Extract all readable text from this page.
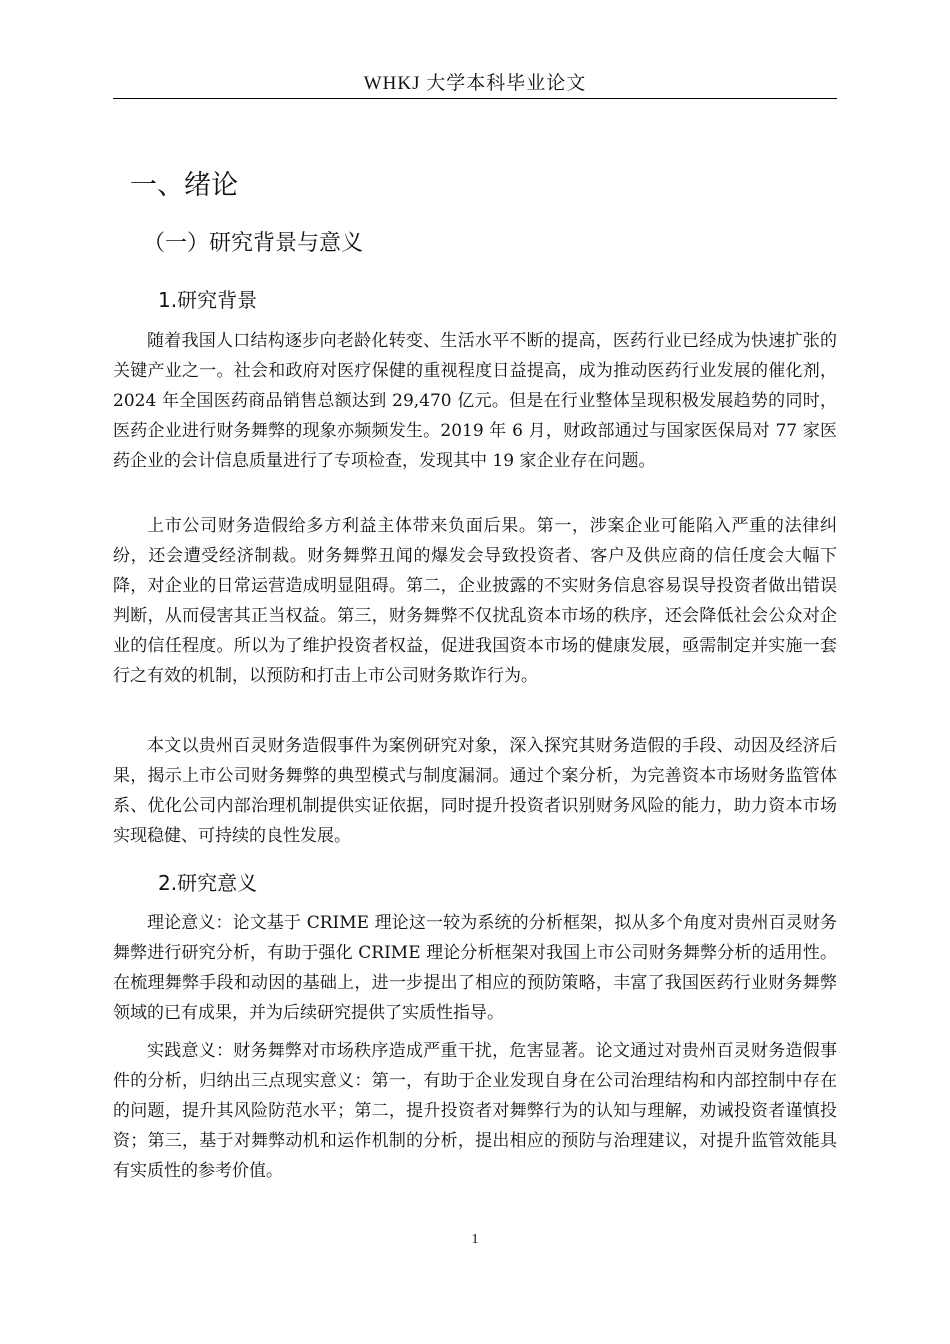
WHKJ 大学本科毕业论文
一、绪论
（一）研究背景与意义
1.研究背景

随着我国人口结构逐步向老龄化转变、生活水平不断的提高，医药行业已经成为快速扩张的关键产业之一。社会和政府对医疗保健的重视程度日益提高，成为推动医药行业发展的催化剂，2024 年全国医药商品销售总额达到 29,470 亿元。但是在行业整体呈现积极发展趋势的同时，医药企业进行财务舞弊的现象亦频频发生。2019 年 6 月，财政部通过与国家医保局对 77 家医药企业的会计信息质量进行了专项检查，发现其中 19 家企业存在问题。

上市公司财务造假给多方利益主体带来负面后果。第一，涉案企业可能陷入严重的法律纠纷，还会遭受经济制裁。财务舞弊丑闻的爆发会导致投资者、客户及供应商的信任度会大幅下降，对企业的日常运营造成明显阻碍。第二，企业披露的不实财务信息容易误导投资者做出错误判断，从而侵害其正当权益。第三，财务舞弊不仅扰乱资本市场的秩序，还会降低社会公众对企业的信任程度。所以为了维护投资者权益，促进我国资本市场的健康发展，亟需制定并实施一套行之有效的机制，以预防和打击上市公司财务欺诈行为。

本文以贵州百灵财务造假事件为案例研究对象，深入探究其财务造假的手段、动因及经济后果，揭示上市公司财务舞弊的典型模式与制度漏洞。通过个案分析，为完善资本市场财务监管体系、优化公司内部治理机制提供实证依据，同时提升投资者识别财务风险的能力，助力资本市场实现稳健、可持续的良性发展。

2.研究意义

理论意义：论文基于 CRIME 理论这一较为系统的分析框架，拟从多个角度对贵州百灵财务舞弊进行研究分析，有助于强化 CRIME 理论分析框架对我国上市公司财务舞弊分析的适用性。在梳理舞弊手段和动因的基础上，进一步提出了相应的预防策略，丰富了我国医药行业财务舞弊领域的已有成果，并为后续研究提供了实质性指导。

实践意义：财务舞弊对市场秩序造成严重干扰，危害显著。论文通过对贵州百灵财务造假事件的分析，归纳出三点现实意义：第一，有助于企业发现自身在公司治理结构和内部控制中存在的问题，提升其风险防范水平；第二，提升投资者对舞弊行为的认知与理解，劝诫投资者谨慎投资；第三，基于对舞弊动机和运作机制的分析，提出相应的预防与治理建议，对提升监管效能具有实质性的参考价值。

1
